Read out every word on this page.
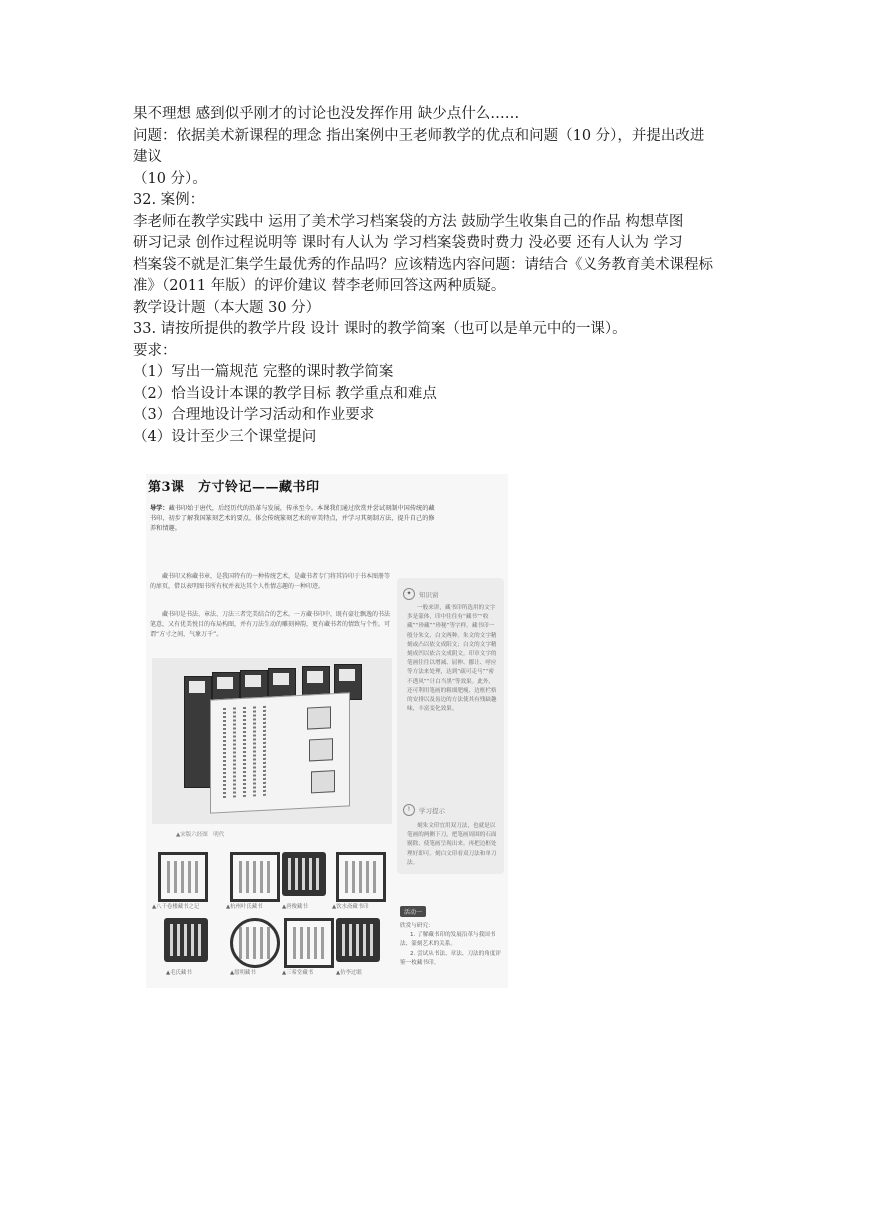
果不理想 感到似乎刚才的讨论也没发挥作用 缺少点什么……

问题：依据美术新课程的理念 指出案例中王老师教学的优点和问题（10 分），并提出改进

建议

（10 分）。

32. 案例：

李老师在教学实践中 运用了美术学习档案袋的方法 鼓励学生收集自己的作品 构想草图

研习记录 创作过程说明等 课时有人认为 学习档案袋费时费力 没必要 还有人认为 学习

档案袋不就是汇集学生最优秀的作品吗？应该精选内容问题：请结合《义务教育美术课程标

准》（2011 年版）的评价建议 替李老师回答这两种质疑。

教学设计题（本大题 30 分）

33. 请按所提供的教学片段 设计 课时的教学简案（也可以是单元中的一课）。

要求：

（1）写出一篇规范 完整的课时教学简案

（2）恰当设计本课的教学目标 教学重点和难点

（3）合理地设计学习活动和作业要求

（4）设计至少三个课堂提问

第3课　方寸铃记——藏书印
导学：藏书印始于唐代，后经历代的沿革与发展，传承至今。本课我们通过欣赏并尝试刻制中国传统的藏书印，初步了解我国篆刻艺术的要点，体会传统篆刻艺术的审美特点，并学习其刻制方法，提升自己的修养和情趣。
藏书印又称藏书章，是我国特有的一种传统艺术，是藏书者专门将其钤印于书本图册等的扉页，借以表明图书所有权并表达其个人性情志趣的一种印迹。
藏书印是书法、章法、刀法三者完美结合的艺术。一方藏书印中，既有豪壮飘逸的书法笔意，又有优美悦目的布局构图，并有刀法生动的雕刻神韵，更有藏书者的情致与个性。可谓“方寸之间，气象万千”。
✦	知识窗
一般来讲，藏书印所选用的文字多是篆体，印中往往有“藏书”“收藏”“珍藏”“珍秘”等字样。藏书印一般分朱文、白文两种。朱文的文字精刻或凸以依文成阳文；白文的文字精刻成凹以依合文成阴文。印章文字的笔画往往以增减、屈伸、挪让、呼应等方法来处理，达到“疏可走马”“密不透风”“计白当黑”等效果。此外，还可利用笔画的粗细肥瘦、边框栏格的安排以及齿边的方法使其有残缺趣味，丰富变化效果。
!	学习提示
刻朱文印宜用双刀法，也就是以笔画的两侧下刀，把笔画周围的石面剔除，使笔画呈现出来。再把边框处理好即可。刻白文印看双刀法和单刀法。
▲宋版六经图　明代
▲八千卷楼藏书之记	▲杭州叶氏藏书	▲唐俊藏书	▲饮水斋藏书印
▲毛氏藏书	▲愿明藏书	▲三希堂藏书	▲仿李过眼
活动一
欣赏与研究：
1. 了解藏书印的发展沿革与我国书法、篆刻艺术的关系。
2. 尝试从书法、章法、刀法的角度评鉴一枚藏书印。
